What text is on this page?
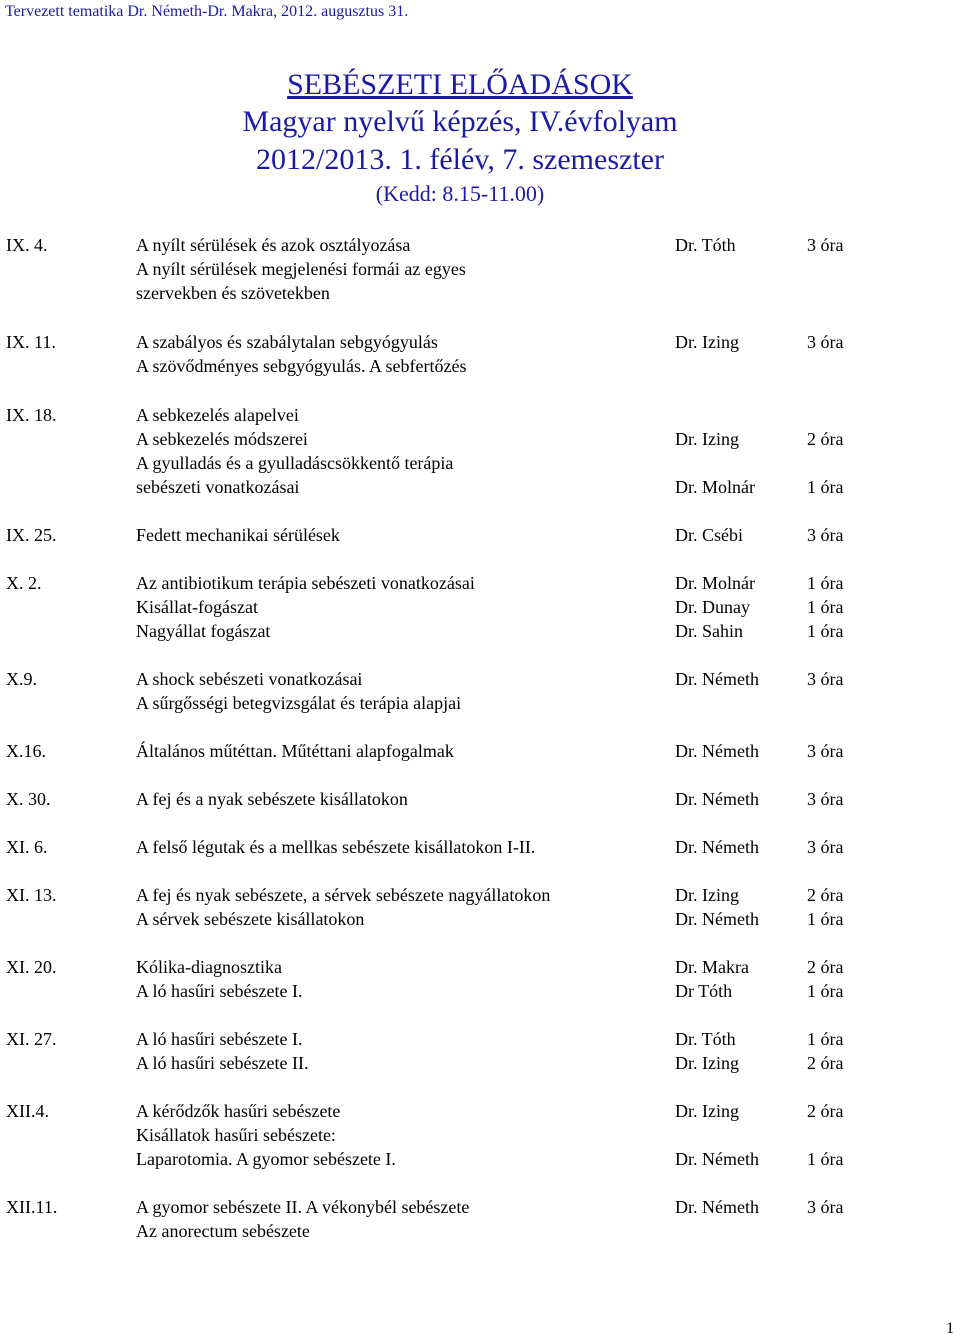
Tervezett tematika Dr. Németh-Dr. Makra, 2012. augusztus 31.
SEBÉSZETI ELŐADÁSOK
Magyar nyelvű képzés, IV.évfolyam
2012/2013. 1. félév, 7. szemeszter
(Kedd: 8.15-11.00)
IX. 4.	A nyílt sérülések és azok osztályozása	Dr. Tóth	3 óra
A nyílt sérülések megjelenési formái az egyes
szervekben és szövetekben
IX. 11.	A szabályos és szabálytalan sebgyógyulás	Dr. Izing	3 óra
A szövődményes sebgyógyulás. A sebfertőzés
IX. 18.	A sebkezelés alapelvei
A sebkezelés módszerei	Dr. Izing	2 óra
A gyulladás és a gyulladáscsökkentő terápia
sebészeti vonatkozásai	Dr. Molnár	1 óra
IX. 25.	Fedett mechanikai sérülések	Dr. Csébi	3 óra
X. 2.	Az antibiotikum terápia sebészeti vonatkozásai	Dr. Molnár	1 óra
Kisállat-fogászat	Dr. Dunay	1 óra
Nagyállat fogászat	Dr. Sahin	1 óra
X.9.	A shock sebészeti vonatkozásai	Dr. Németh	3 óra
A sűrgősségi betegvizsgálat és terápia alapjai
X.16.	Általános műtéttan. Műtéttani alapfogalmak	Dr. Németh	3 óra
X. 30.	A fej és a nyak sebészete kisállatokon	Dr. Németh	3 óra
XI. 6.	A felső légutak és a mellkas sebészete kisállatokon I-II.	Dr. Németh	3 óra
XI. 13.	A fej és nyak sebészete, a sérvek sebészete nagyállatokon	Dr. Izing	2 óra
A sérvek sebészete kisállatokon	Dr. Németh	1 óra
XI. 20.	Kólika-diagnosztika	Dr. Makra	2 óra
A ló hasűri sebészete I.	Dr Tóth	1 óra
XI. 27.	A ló hasűri sebészete I.	Dr. Tóth	1 óra
A ló hasűri sebészete II.	Dr. Izing	2 óra
XII.4.	A kérődzők hasűri sebészete	Dr. Izing	2 óra
Kisállatok hasűri sebészete:
Laparotomia. A gyomor sebészete I.	Dr. Németh	1 óra
XII.11.	A gyomor sebészete II. A vékonybél sebészete	Dr. Németh	3 óra
Az anorectum sebészete
1
